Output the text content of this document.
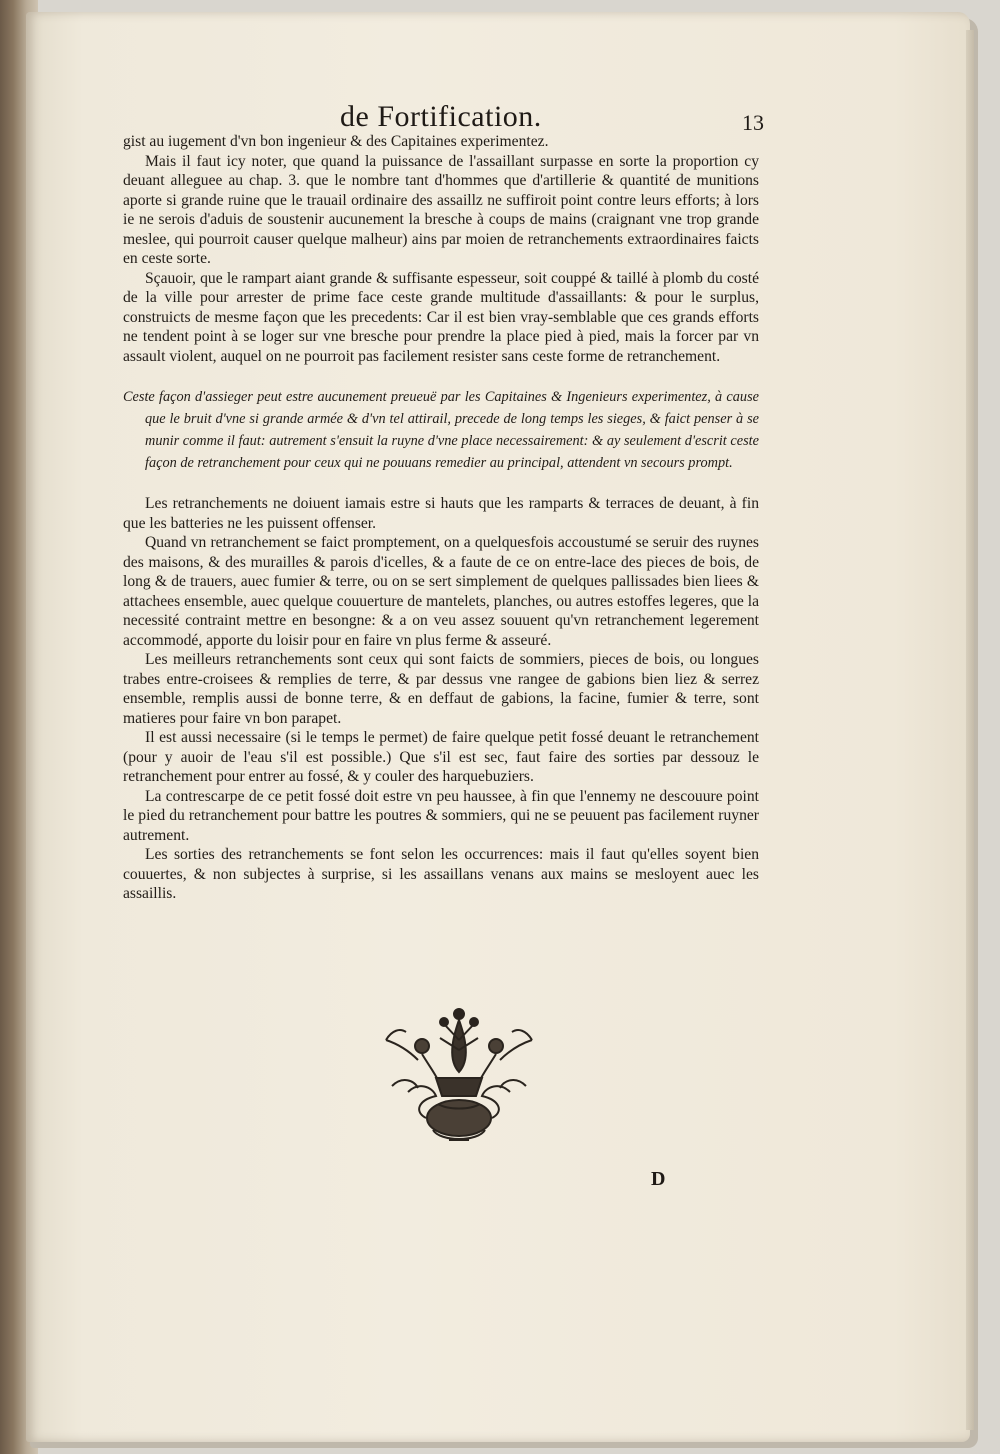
de Fortification.	13

gist au iugement d'vn bon ingenieur & des Capitaines experimentez.

Mais il faut icy noter, que quand la puissance de l'assaillant surpasse en sorte la proportion cy deuant alleguee au chap. 3. que le nombre tant d'hommes que d'artillerie & quantité de munitions aporte si grande ruine que le trauail ordinaire des assaillz ne suffiroit point contre leurs efforts; à lors ie ne serois d'aduis de soustenir aucunement la bresche à coups de mains (craignant vne trop grande meslee, qui pourroit causer quelque malheur) ains par moien de retranchements extraordinaires faicts en ceste sorte.

Sçauoir, que le rampart aiant grande & suffisante espesseur, soit couppé & taillé à plomb du costé de la ville pour arrester de prime face ceste grande multitude d'assaillants: & pour le surplus, construicts de mesme façon que les precedents: Car il est bien vray-semblable que ces grands efforts ne tendent point à se loger sur vne bresche pour prendre la place pied à pied, mais la forcer par vn assault violent, auquel on ne pourroit pas facilement resister sans ceste forme de retranchement.

Ceste façon d'assieger peut estre aucunement preueuë par les Capitaines & Ingenieurs experimentez, à cause que le bruit d'vne si grande armée & d'vn tel attirail, precede de long temps les sieges, & faict penser à se munir comme il faut: autrement s'ensuit la ruyne d'vne place necessairement: & ay seulement d'escrit ceste façon de retranchement pour ceux qui ne pouuans remedier au principal, attendent vn secours prompt.

Les retranchements ne doiuent iamais estre si hauts que les ramparts & terraces de deuant, à fin que les batteries ne les puissent offenser.

Quand vn retranchement se faict promptement, on a quelquesfois accoustumé se seruir des ruynes des maisons, & des murailles & parois d'icelles, & a faute de ce on entre-lace des pieces de bois, de long & de trauers, auec fumier & terre, ou on se sert simplement de quelques pallissades bien liees & attachees ensemble, auec quelque couuerture de mantelets, planches, ou autres estoffes legeres, que la necessité contraint mettre en besongne: & a on veu assez souuent qu'vn retranchement legerement accommodé, apporte du loisir pour en faire vn plus ferme & asseuré.

Les meilleurs retranchements sont ceux qui sont faicts de sommiers, pieces de bois, ou longues trabes entre-croisees & remplies de terre, & par dessus vne rangee de gabions bien liez & serrez ensemble, remplis aussi de bonne terre, & en deffaut de gabions, la facine, fumier & terre, sont matieres pour faire vn bon parapet.

Il est aussi necessaire (si le temps le permet) de faire quelque petit fossé deuant le retranchement (pour y auoir de l'eau s'il est possible.) Que s'il est sec, faut faire des sorties par dessouz le retranchement pour entrer au fossé, & y couler des harquebuziers.

La contrescarpe de ce petit fossé doit estre vn peu haussee, à fin que l'ennemy ne descouure point le pied du retranchement pour battre les poutres & sommiers, qui ne se peuuent pas facilement ruyner autrement.

Les sorties des retranchements se font selon les occurrences: mais il faut qu'elles soyent bien couuertes, & non subjectes à surprise, si les assaillans venans aux mains se mesloyent auec les assaillis.

D
